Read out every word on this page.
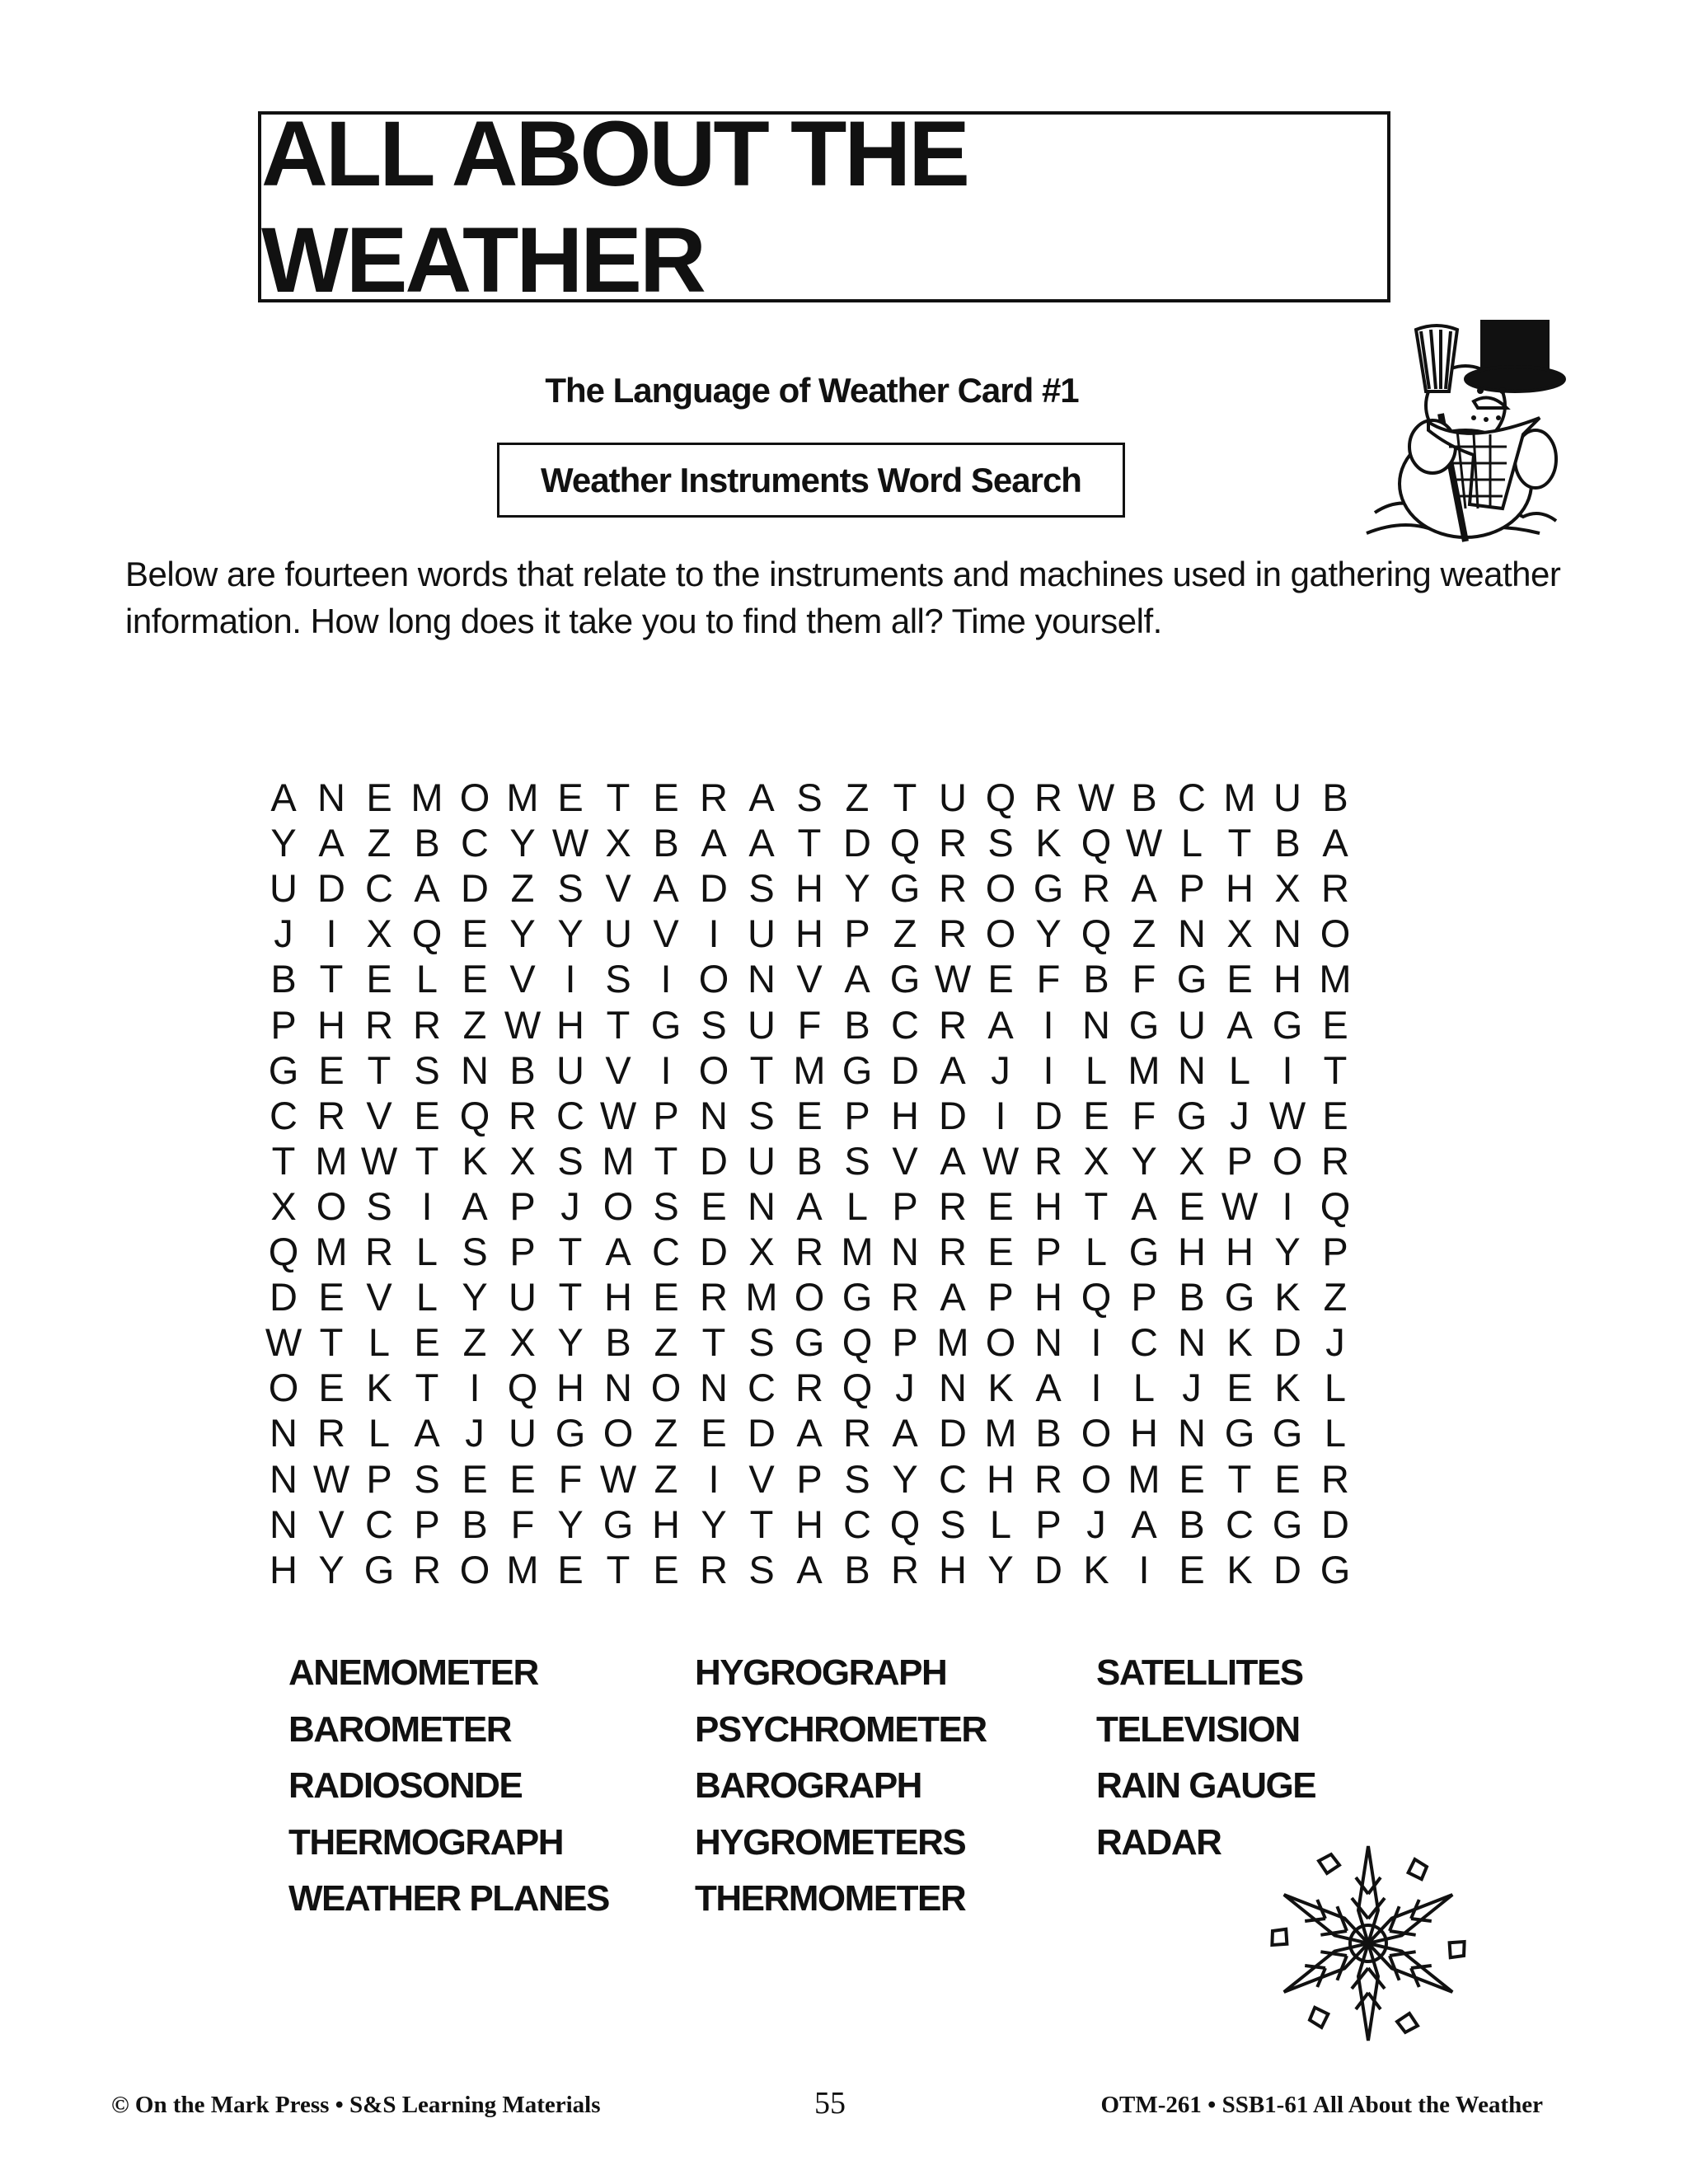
ALL ABOUT THE WEATHER
The Language of Weather Card #1
Weather Instruments Word Search
Below are fourteen words that relate to the instruments and machines used in gathering weather information. How long does it take you to find them all? Time yourself.
A N E M O M E T E R A S Z T U Q R W B C M U B
Y A Z B C Y W X B A A T D Q R S K Q W L T B A
U D C A D Z S V A D S H Y G R O G R A P H X R
J I X Q E Y Y U V I U H P Z R O Y Q Z N X N O
B T E L E V I S I O N V A G W E F B F G E H M
P H R R Z W H T G S U F B C R A I N G U A G E
G E T S N B U V I O T M G D A J I L M N L I T
C R V E Q R C W P N S E P H D I D E F G J W E
T M W T K X S M T D U B S V A W R X Y X P O R
X O S I A P J O S E N A L P R E H T A E W I Q
Q M R L S P T A C D X R M N R E P L G H H Y P
D E V L Y U T H E R M O G R A P H Q P B G K Z
W T L E Z X Y B Z T S G Q P M O N I C N K D J
O E K T I Q H N O N C R Q J N K A I L J E K L
N R L A J U G O Z E D A R A D M B O H N G G L
N W P S E E F W Z I V P S Y C H R O M E T E R
N V C P B F Y G H Y T H C Q S L P J A B C G D
H Y G R O M E T E R S A B R H Y D K I E K D G
ANEMOMETER
BAROMETER
RADIOSONDE
THERMOGRAPH
WEATHER PLANES
HYGROGRAPH
PSYCHROMETER
BAROGRAPH
HYGROMETERS
THERMOMETER
SATELLITES
TELEVISION
RAIN GAUGE
RADAR
© On the Mark Press • S&S Learning Materials	55	OTM-261 • SSB1-61 All About the Weather
